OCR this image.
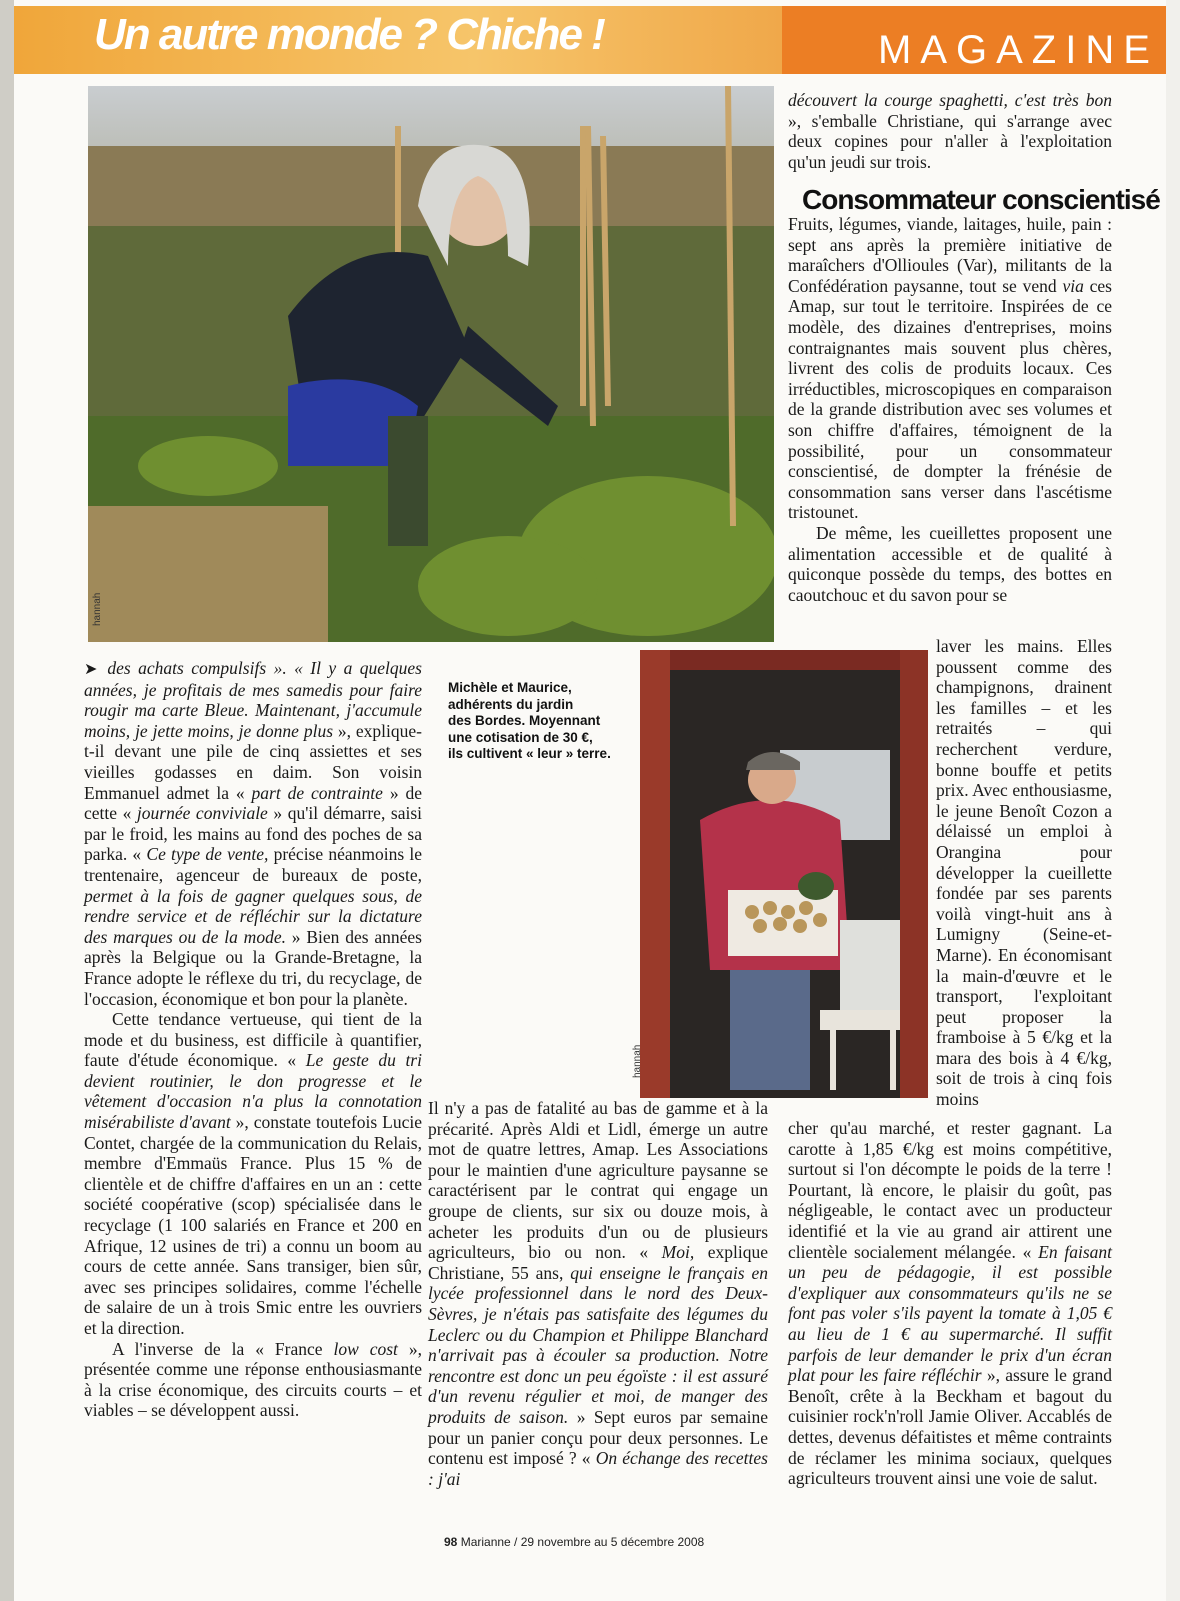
Un autre monde ? Chiche !	MAGAZINE
hannah

découvert la courge spaghetti, c'est très bon », s'emballe Christiane, qui s'arrange avec deux copines pour n'aller à l'exploitation qu'un jeudi sur trois.

Consommateur conscientisé

Fruits, légumes, viande, laitages, huile, pain : sept ans après la première initiative de maraîchers d'Ollioules (Var), militants de la Confédération paysanne, tout se vend via ces Amap, sur tout le territoire. Inspirées de ce modèle, des dizaines d'entreprises, moins contraignantes mais souvent plus chères, livrent des colis de produits locaux. Ces irréductibles, microscopiques en comparaison de la grande distribution avec ses volumes et son chiffre d'affaires, témoignent de la possibilité, pour un consommateur conscientisé, de dompter la frénésie de consommation sans verser dans l'ascétisme tristounet.

De même, les cueillettes proposent une alimentation accessible et de qualité à quiconque possède du temps, des bottes en caoutchouc et du savon pour se

Michèle et Maurice,
adhérents du jardin
des Bordes. Moyennant
une cotisation de 30 €,
ils cultivent « leur » terre.
hannah

laver les mains. Elles poussent comme des champignons, drainent les familles – et les retraités – qui recherchent verdure, bonne bouffe et petits prix. Avec enthousiasme, le jeune Benoît Cozon a délaissé un emploi à Orangina pour développer la cueillette fondée par ses parents voilà vingt-huit ans à Lumigny (Seine-et-Marne). En économisant la main-d'œuvre et le transport, l'exploitant peut proposer la framboise à 5 €/kg et la mara des bois à 4 €/kg, soit de trois à cinq fois moins

cher qu'au marché, et rester gagnant. La carotte à 1,85 €/kg est moins compétitive, surtout si l'on décompte le poids de la terre ! Pourtant, là encore, le plaisir du goût, pas négligeable, le contact avec un producteur identifié et la vie au grand air attirent une clientèle socialement mélangée. « En faisant un peu de pédagogie, il est possible d'expliquer aux consommateurs qu'ils ne se font pas voler s'ils payent la tomate à 1,05 € au lieu de 1 € au supermarché. Il suffit parfois de leur demander le prix d'un écran plat pour les faire réfléchir », assure le grand Benoît, crête à la Beckham et bagout du cuisinier rock'n'roll Jamie Oliver. Accablés de dettes, devenus défaitistes et même contraints de réclamer les minima sociaux, quelques agriculteurs trouvent ainsi une voie de salut.

➤ des achats compulsifs ». « Il y a quelques années, je profitais de mes samedis pour faire rougir ma carte Bleue. Maintenant, j'accumule moins, je jette moins, je donne plus », explique-t-il devant une pile de cinq assiettes et ses vieilles godasses en daim. Son voisin Emmanuel admet la « part de contrainte » de cette « journée conviviale » qu'il démarre, saisi par le froid, les mains au fond des poches de sa parka. « Ce type de vente, précise néanmoins le trentenaire, agenceur de bureaux de poste, permet à la fois de gagner quelques sous, de rendre service et de réfléchir sur la dictature des marques ou de la mode. » Bien des années après la Belgique ou la Grande-Bretagne, la France adopte le réflexe du tri, du recyclage, de l'occasion, économique et bon pour la planète.

Cette tendance vertueuse, qui tient de la mode et du business, est difficile à quantifier, faute d'étude économique. « Le geste du tri devient routinier, le don progresse et le vêtement d'occasion n'a plus la connotation misérabiliste d'avant », constate toutefois Lucie Contet, chargée de la communication du Relais, membre d'Emmaüs France. Plus 15 % de clientèle et de chiffre d'affaires en un an : cette société coopérative (scop) spécialisée dans le recyclage (1 100 salariés en France et 200 en Afrique, 12 usines de tri) a connu un boom au cours de cette année. Sans transiger, bien sûr, avec ses principes solidaires, comme l'échelle de salaire de un à trois Smic entre les ouvriers et la direction.

A l'inverse de la « France low cost », présentée comme une réponse enthousiasmante à la crise économique, des circuits courts – et viables – se développent aussi.

Il n'y a pas de fatalité au bas de gamme et à la précarité. Après Aldi et Lidl, émerge un autre mot de quatre lettres, Amap. Les Associations pour le maintien d'une agriculture paysanne se caractérisent par le contrat qui engage un groupe de clients, sur six ou douze mois, à acheter les produits d'un ou de plusieurs agriculteurs, bio ou non. « Moi, explique Christiane, 55 ans, qui enseigne le français en lycée professionnel dans le nord des Deux-Sèvres, je n'étais pas satisfaite des légumes du Leclerc ou du Champion et Philippe Blanchard n'arrivait pas à écouler sa production. Notre rencontre est donc un peu égoïste : il est assuré d'un revenu régulier et moi, de manger des produits de saison. » Sept euros par semaine pour un panier conçu pour deux personnes. Le contenu est imposé ? « On échange des recettes : j'ai

98 Marianne / 29 novembre au 5 décembre 2008
